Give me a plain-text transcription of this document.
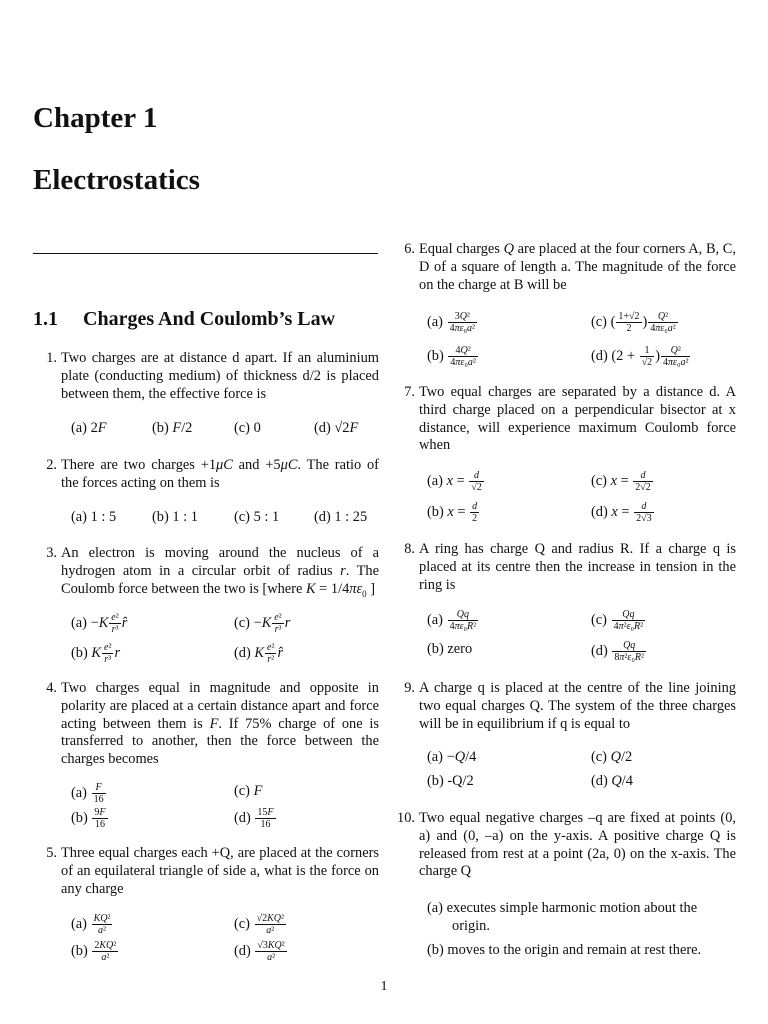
Chapter 1
Electrostatics
1.1 Charges And Coulomb’s Law
1. Two charges are at distance d apart. If an aluminium plate (conducting medium) of thickness d/2 is placed between them, the effective force is
(a) 2F	(b) F/2	(c) 0	(d) √2F
2. There are two charges +1μC and +5μC. The ratio of the forces acting on them is
(a) 1 : 5 (b) 1 : 1	(c) 5 : 1 (d) 1 : 25
3. An electron is moving around the nucleus of a hydrogen atom in a circular orbit of radius r. The Coulomb force between the two is [where $K = 1/4\pi\varepsilon_0$ ]
$(a) -K \frac{\text{e²}}{\text{r³}}$ r̂	$(c) -K \frac{\text{e²}}{\text{r³}}$ r⃗
(b) K $\frac{\text{e²}}{\text{r³}}$ r⃗	(d) K $\frac{\text{e²}}{\text{r²}}$ r̂
4. Two charges equal in magnitude and opposite in polarity are placed at a certain distance apart and force acting between them is F. If 75% charge of one is transferred to another, then the force between the charges becomes
$(a) \frac{F}{16}$	(c) F
$(b) \frac{9F}{16}$	$(d) \frac{15F}{16}$
5. Three equal charges each +Q, are placed at the corners of an equilateral triangle of side a, what is the force on any charge
$(a) \frac{\text{KQ²}}{\text{a²}}$	$(c) \frac{\text{√2KQ²}}{\text{a²}}$
$(b) \frac{\text{2KQ²}}{\text{a²}}$	$(d) \frac{\text{√3KQ²}}{\text{a²}}$
6. Equal charges Q are placed at the four corners A, B, C, D of a square of length a. The magnitude of the force on the charge at B will be
$(a) \frac{\text{3Q²}}{\text{4πε₀a²}}$	(c) ( $\frac{1+√2}{2}$ ) $\frac{\text{Q²}}{\text{4πε₀a²}}$
$(b) \frac{\text{4Q²}}{\text{4πε₀a²}}$	(d) ($2 + \frac{1}{√2}$ ) $\frac{\text{Q²}}{\text{4πε₀a²}}$
7. Two equal charges are separated by a distance d. A third charge placed on a perpendicular bisector at x distance, will experience maximum Coulomb force when
(a) $x = \frac{d}{√2}$	(c) $x = \frac{d}{2√2}$
(b) $x = \frac{d}{2}$	(d) $x = \frac{d}{2√3}$
8. A ring has charge Q and radius R. If a charge q is placed at its centre then the increase in tension in the ring is
$(a) \frac{Qq}{\text{4πε₀R²}}$	$(c) \frac{Qq}{\text{4π²ε₀R²}}$
(b) zero	$(d) \frac{Qq}{\text{8π²ε₀R²}}$
9. A charge q is placed at the centre of the line joining two equal charges Q. The system of the three charges will be in equilibrium if q is equal to
(a) −Q/4	(c) Q/2
(b) -Q/2	(d) Q/4
10. Two equal negative charges –q are fixed at points (0, a) and (0, –a) on the y-axis. A positive charge Q is released from rest at a point (2a, 0) on the x-axis. The charge Q
(a) executes simple harmonic motion about the origin.
(b) moves to the origin and remain at rest there.
1
